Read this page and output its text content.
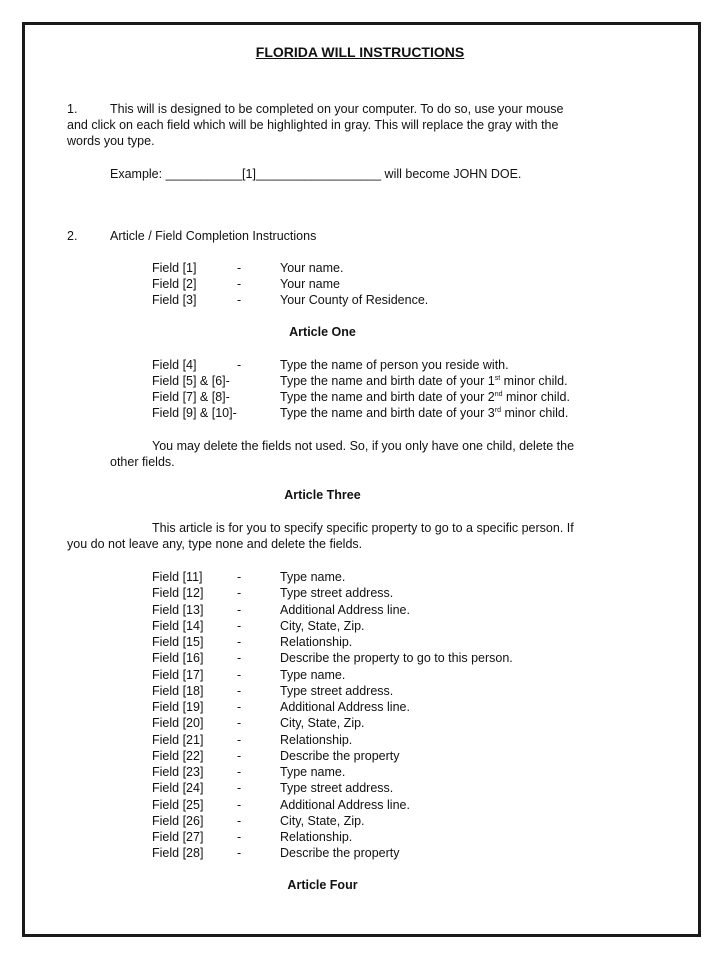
FLORIDA WILL INSTRUCTIONS
1.	This will is designed to be completed on your computer. To do so, use your mouse
and click on each field which will be highlighted in gray. This will replace the gray with the
words you type.
Example: ___________[1]__________________ will become JOHN DOE.
2.	Article / Field Completion Instructions
Field [1]	-	Your name.
Field [2]	-	Your name
Field [3]	-	Your County of Residence.
Article One
Field [4]	-	Type the name of person you reside with.
Field [5] & [6]-	Type the name and birth date of your 1st minor child.
Field [7] & [8]-	Type the name and birth date of your 2nd minor child.
Field [9] & [10]-	Type the name and birth date of your 3rd minor child.
You may delete the fields not used. So, if you only have one child, delete the
other fields.
Article Three
This article is for you to specify specific property to go to a specific person. If
you do not leave any, type none and delete the fields.
Field [11]	-	Type name.
Field [12]	-	Type street address.
Field [13]	-	Additional Address line.
Field [14]	-	City, State, Zip.
Field [15]	-	Relationship.
Field [16]	-	Describe the property to go to this person.
Field [17]	-	Type name.
Field [18]	-	Type street address.
Field [19]	-	Additional Address line.
Field [20]	-	City, State, Zip.
Field [21]	-	Relationship.
Field [22]	-	Describe the property
Field [23]	-	Type name.
Field [24]	-	Type street address.
Field [25]	-	Additional Address line.
Field [26]	-	City, State, Zip.
Field [27]	-	Relationship.
Field [28]	-	Describe the property
Article Four
